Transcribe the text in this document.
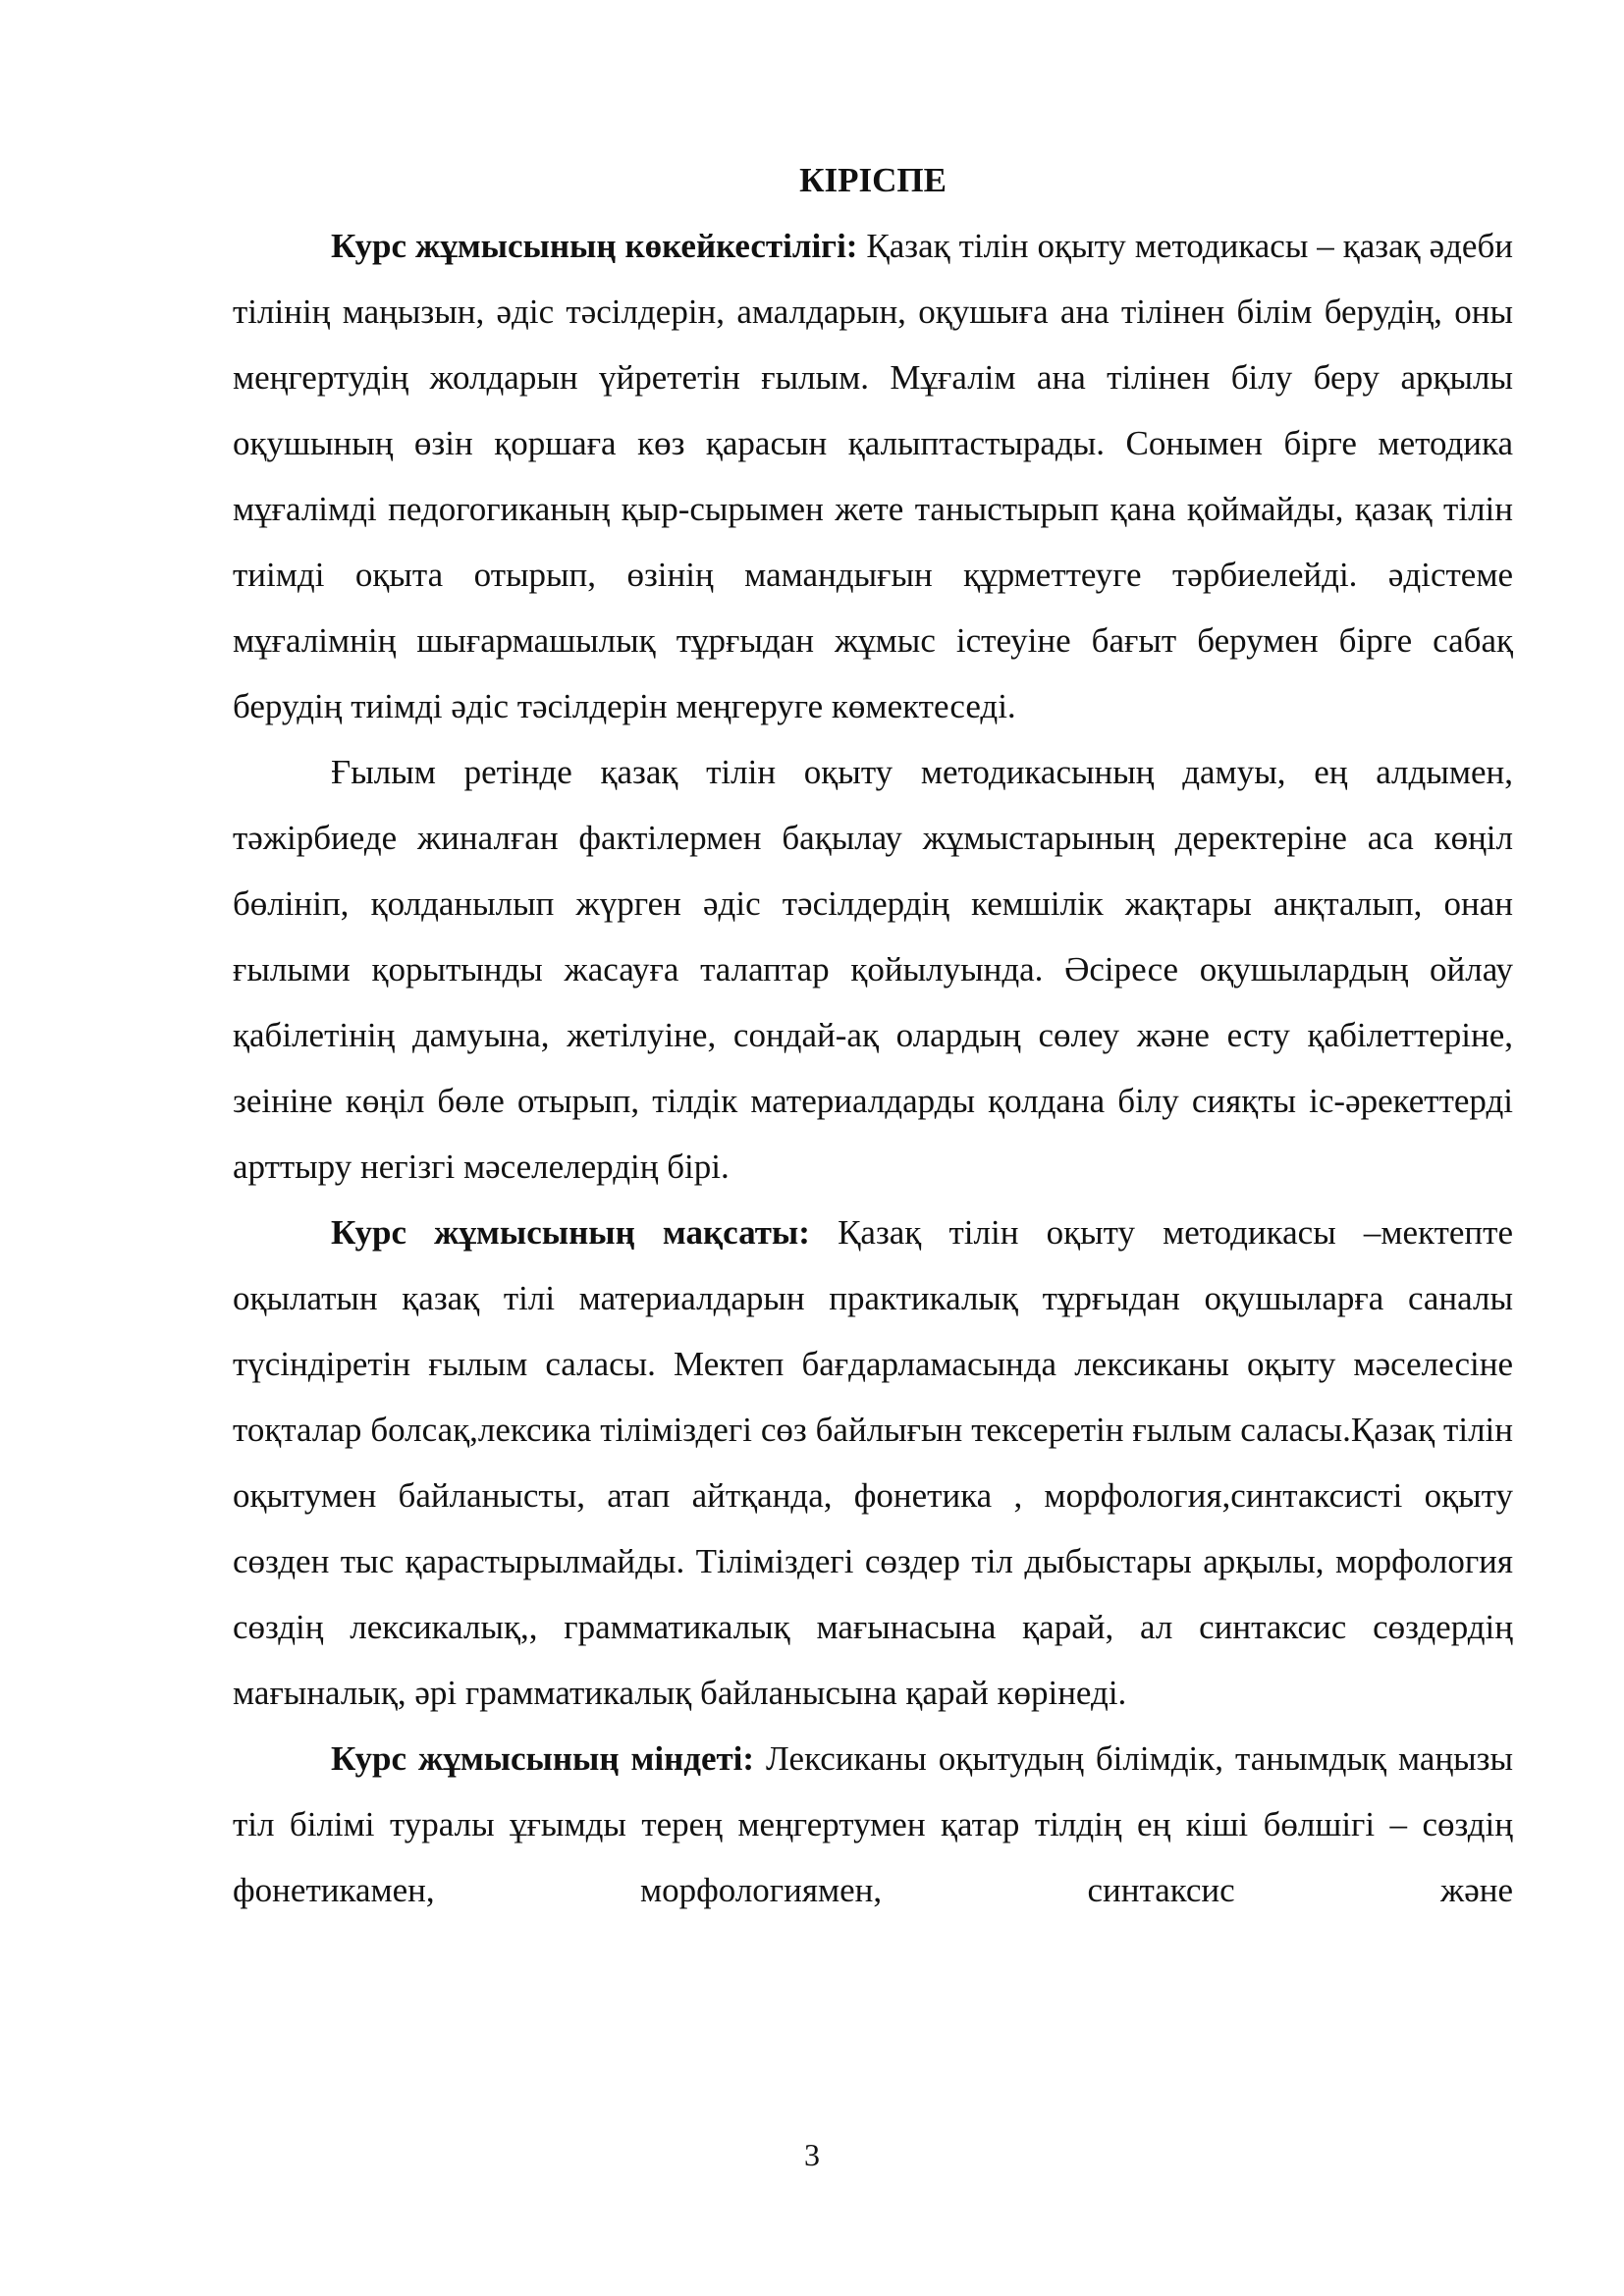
КІРІСПЕ

Курс жұмысының көкейкестілігі: Қазақ тілін оқыту методикасы – қазақ әдеби тілінің маңызын, әдіс тәсілдерін, амалдарын, оқушыға ана тілінен білім берудің, оны меңгертудің жолдарын үйрететін ғылым. Мұғалім ана тілінен білу беру арқылы оқушының өзін қоршаға көз қарасын қалыптастырады. Сонымен бірге методика мұғалімді педогогиканың қыр-сырымен жете таныстырып қана қоймайды, қазақ тілін тиімді оқыта отырып, өзінің мамандығын құрметтеуге тәрбиелейді. әдістеме мұғалімнің шығармашылық тұрғыдан жұмыс істеуіне бағыт берумен бірге сабақ берудің тиімді әдіс тәсілдерін меңгеруге көмектеседі.

Ғылым ретінде қазақ тілін оқыту методикасының дамуы, ең алдымен, тәжірбиеде жиналған фактілермен бақылау жұмыстарының деректеріне аса көңіл бөлініп, қолданылып жүрген әдіс тәсілдердің кемшілік жақтары анқталып, онан ғылыми қорытынды жасауға талаптар қойылуында. Әсіресе оқушылардың ойлау қабілетінің дамуына, жетілуіне, сондай-ақ олардың сөлеу және есту қабілеттеріне, зеініне көңіл бөле отырып, тілдік материалдарды қолдана білу сияқты іс-әрекеттерді арттыру негізгі мәселелердің бірі.

Курс жұмысының мақсаты: Қазақ тілін оқыту методикасы –мектепте оқылатын қазақ тілі материалдарын практикалық тұрғыдан оқушыларға саналы түсіндіретін ғылым саласы. Мектеп бағдарламасында лексиканы оқыту мәселесіне тоқталар болсақ,лексика тіліміздегі сөз байлығын тексеретін ғылым саласы.Қазақ тілін оқытумен байланысты, атап айтқанда, фонетика , морфология,синтаксисті оқыту сөзден тыс қарастырылмайды. Тіліміздегі сөздер тіл дыбыстары арқылы, морфология сөздің лексикалық,, грамматикалық мағынасына қарай, ал синтаксис сөздердің мағыналық, әрі грамматикалық байланысына қарай көрінеді.

Курс жұмысының міндеті: Лексиканы оқытудың білімдік, танымдық маңызы тіл білімі туралы ұғымды терең меңгертумен қатар тілдің ең кіші бөлшігі – сөздің фонетикамен, морфологиямен, синтаксис және

3
